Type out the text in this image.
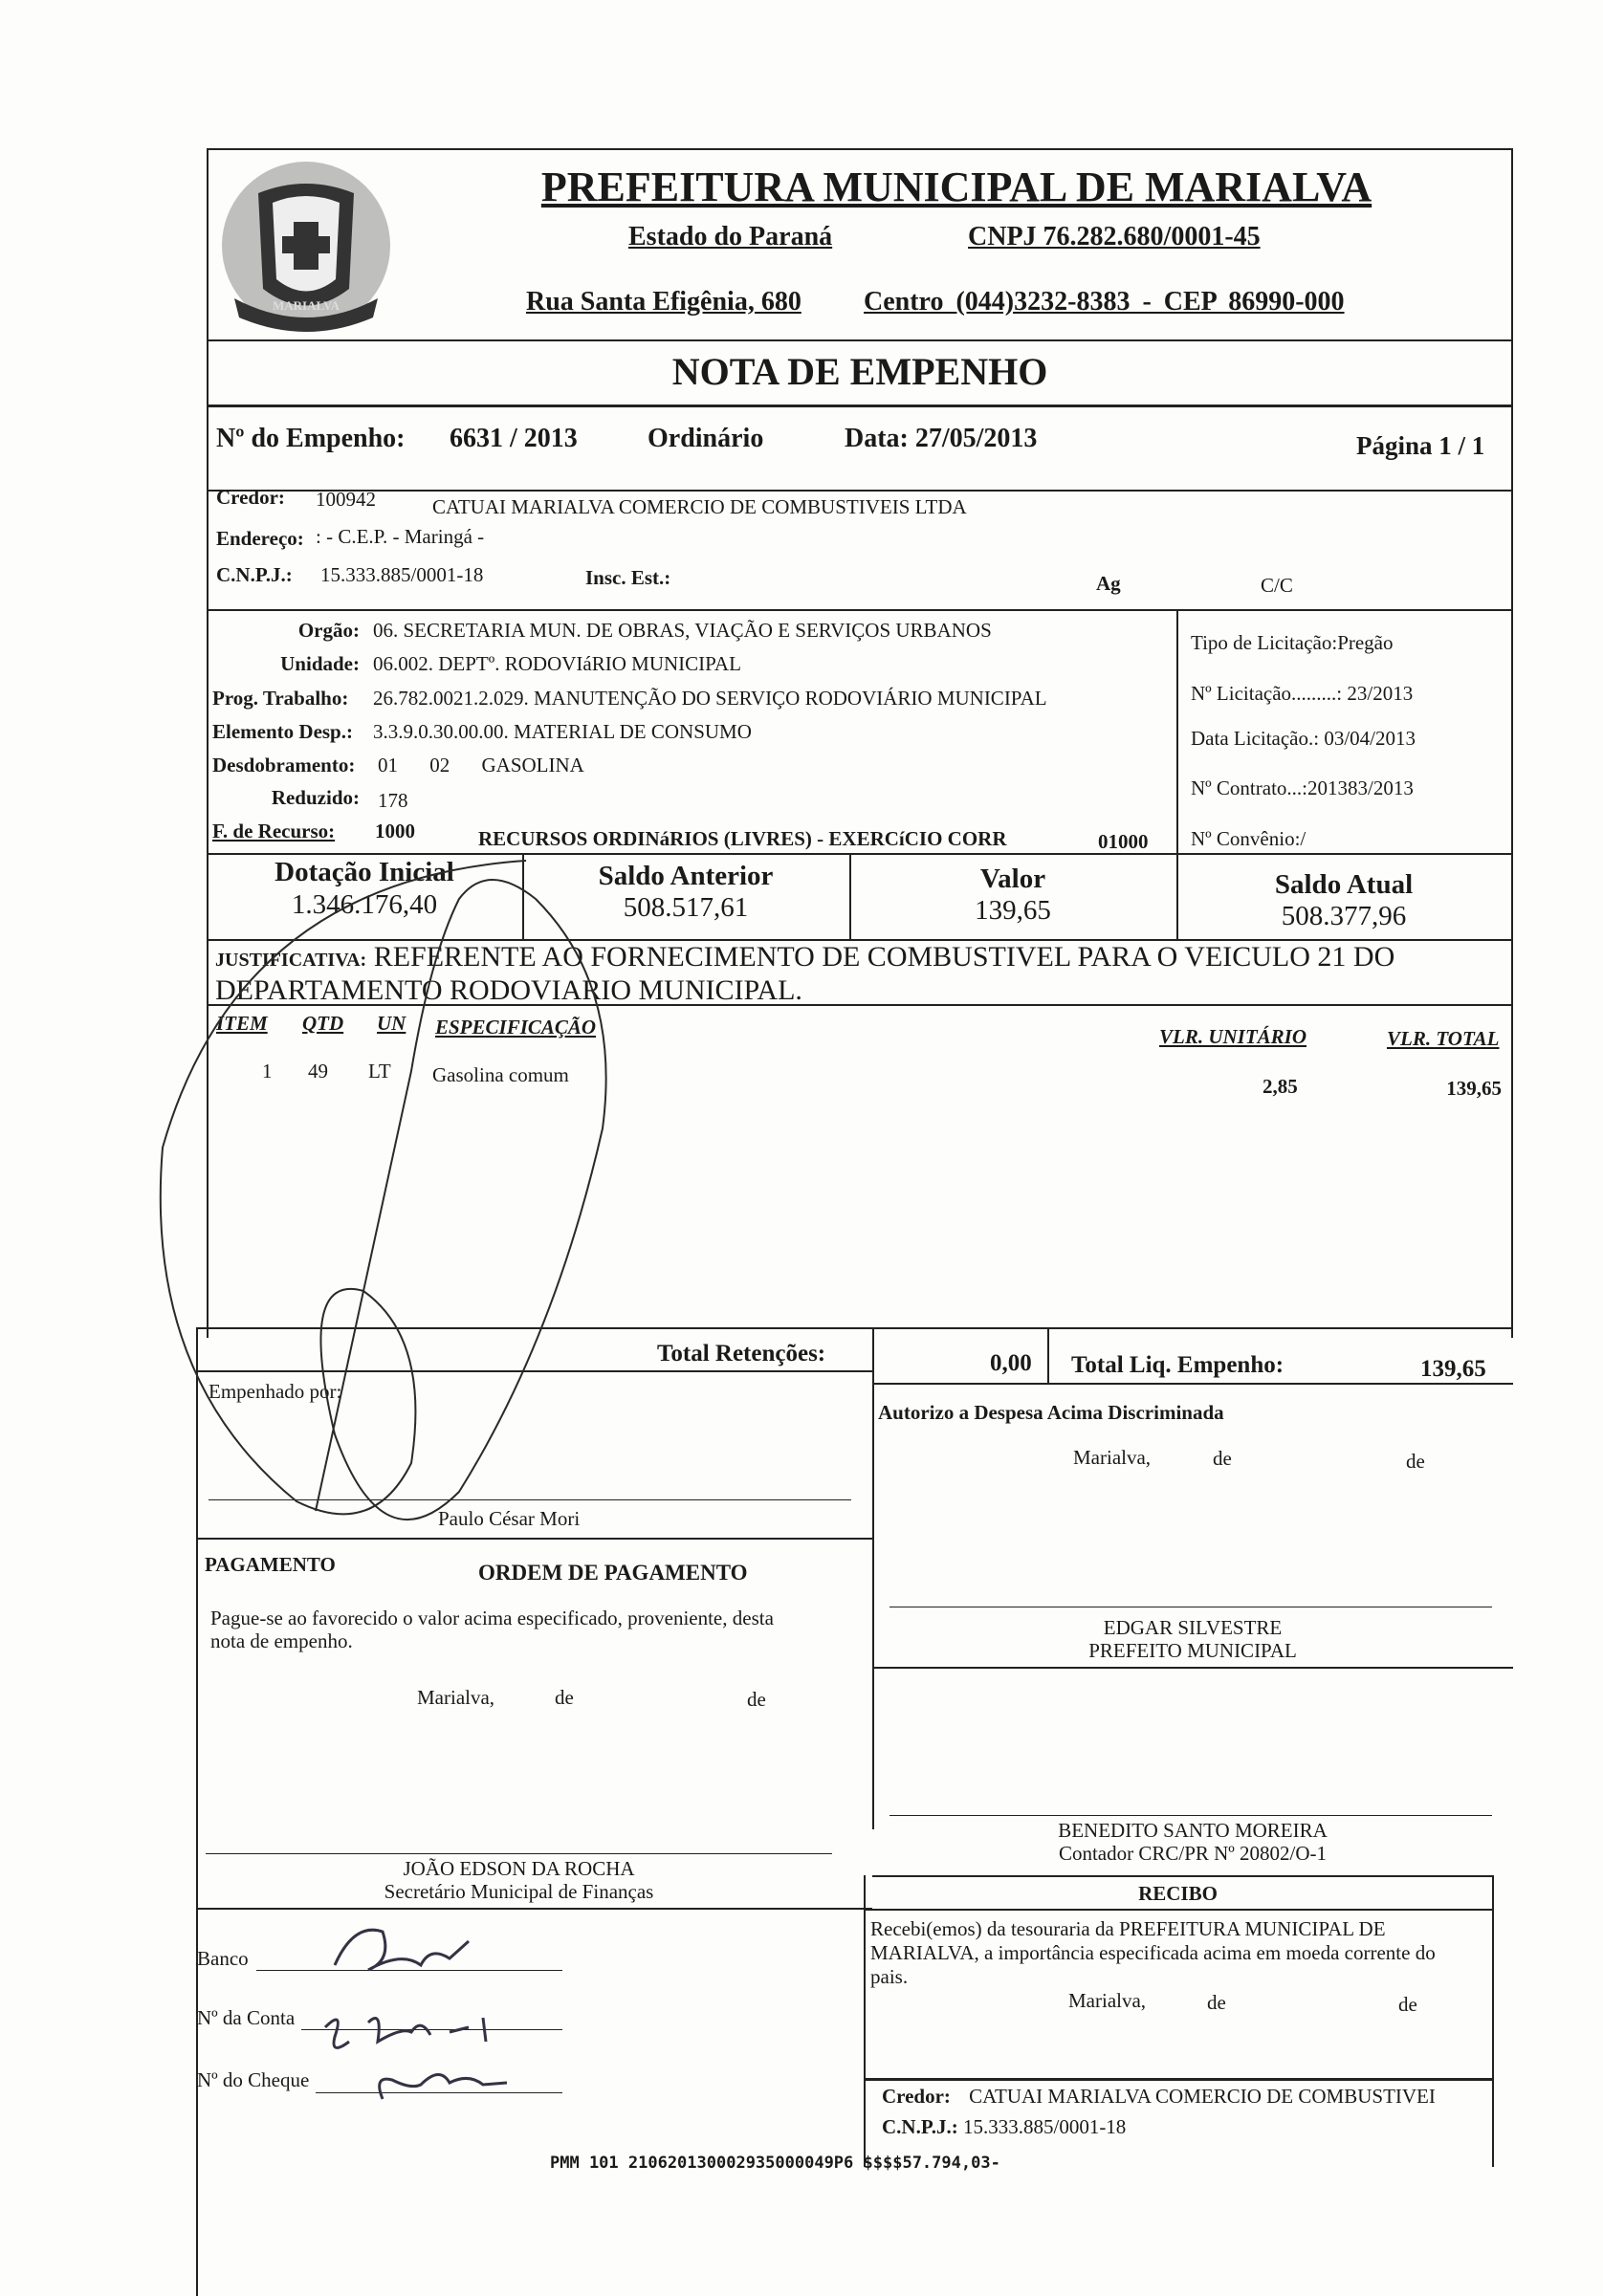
MARIALVA
PREFEITURA MUNICIPAL DE MARIALVA
Estado do Paraná	CNPJ 76.282.680/0001-45
Rua Santa Efigênia, 680 Centro (044)3232-8383 - CEP 86990-000
NOTA DE EMPENHO
Nº do Empenho: 6631 / 2013	Ordinário	Data: 27/05/2013	Página 1 / 1
Credor: 100942	CATUAI MARIALVA COMERCIO DE COMBUSTIVEIS LTDA
Endereço: : - C.E.P. - Maringá -
C.N.P.J.: 15.333.885/0001-18	Insc. Est.:	Ag	C/C
Orgão: 06. SECRETARIA MUN. DE OBRAS, VIAÇÃO E SERVIÇOS URBANOS
Unidade: 06.002. DEPTº. RODOVIáRIO MUNICIPAL
Prog. Trabalho: 26.782.0021.2.029. MANUTENÇÃO DO SERVIÇO RODOVIÁRIO MUNICIPAL
Elemento Desp.: 3.3.9.0.30.00.00. MATERIAL DE CONSUMO
Desdobramento: 01 02 GASOLINA
Reduzido: 178
F. de Recurso: 1000	RECURSOS ORDINáRIOS (LIVRES) - EXERCíCIO CORR	01000
Tipo de Licitação:Pregão
Nº Licitação.........: 23/2013
Data Licitação.: 03/04/2013
Nº Contrato...:201383/2013
Nº Convênio:/
Dotação Inicial
1.346.176,40
Saldo Anterior
508.517,61
Valor
139,65
Saldo Atual
508.377,96
JUSTIFICATIVA: REFERENTE AO FORNECIMENTO DE COMBUSTIVEL PARA O VEICULO 21 DO
DEPARTAMENTO RODOVIARIO MUNICIPAL.
ITEM QTD UN ESPECIFICAÇÃO	VLR. UNITÁRIO	VLR. TOTAL
1 49 LT Gasolina comum	2,85	139,65
Total Retenções:	0,00 Total Liq. Empenho:	139,65
Empenhado por:
Paulo César Mori
Autorizo a Despesa Acima Discriminada
Marialva,	de	de
PAGAMENTO	ORDEM DE PAGAMENTO
Pague-se ao favorecido o valor acima especificado, proveniente, desta
nota de empenho.
Marialva,	de	de
JOÃO EDSON DA ROCHA
Secretário Municipal de Finanças
Banco
Nº da Conta
Nº do Cheque
EDGAR SILVESTRE
PREFEITO MUNICIPAL
BENEDITO SANTO MOREIRA
Contador CRC/PR Nº 20802/O-1
RECIBO
Recebi(emos) da tesouraria da PREFEITURA MUNICIPAL DE
MARIALVA, a importância especificada acima em moeda corrente do
pais.
Marialva,	de	de
Credor: CATUAI MARIALVA COMERCIO DE COMBUSTIVEI
C.N.P.J.: 15.333.885/0001-18
PMM 101 210620130002935000049P6 $$$$57.794,03-
